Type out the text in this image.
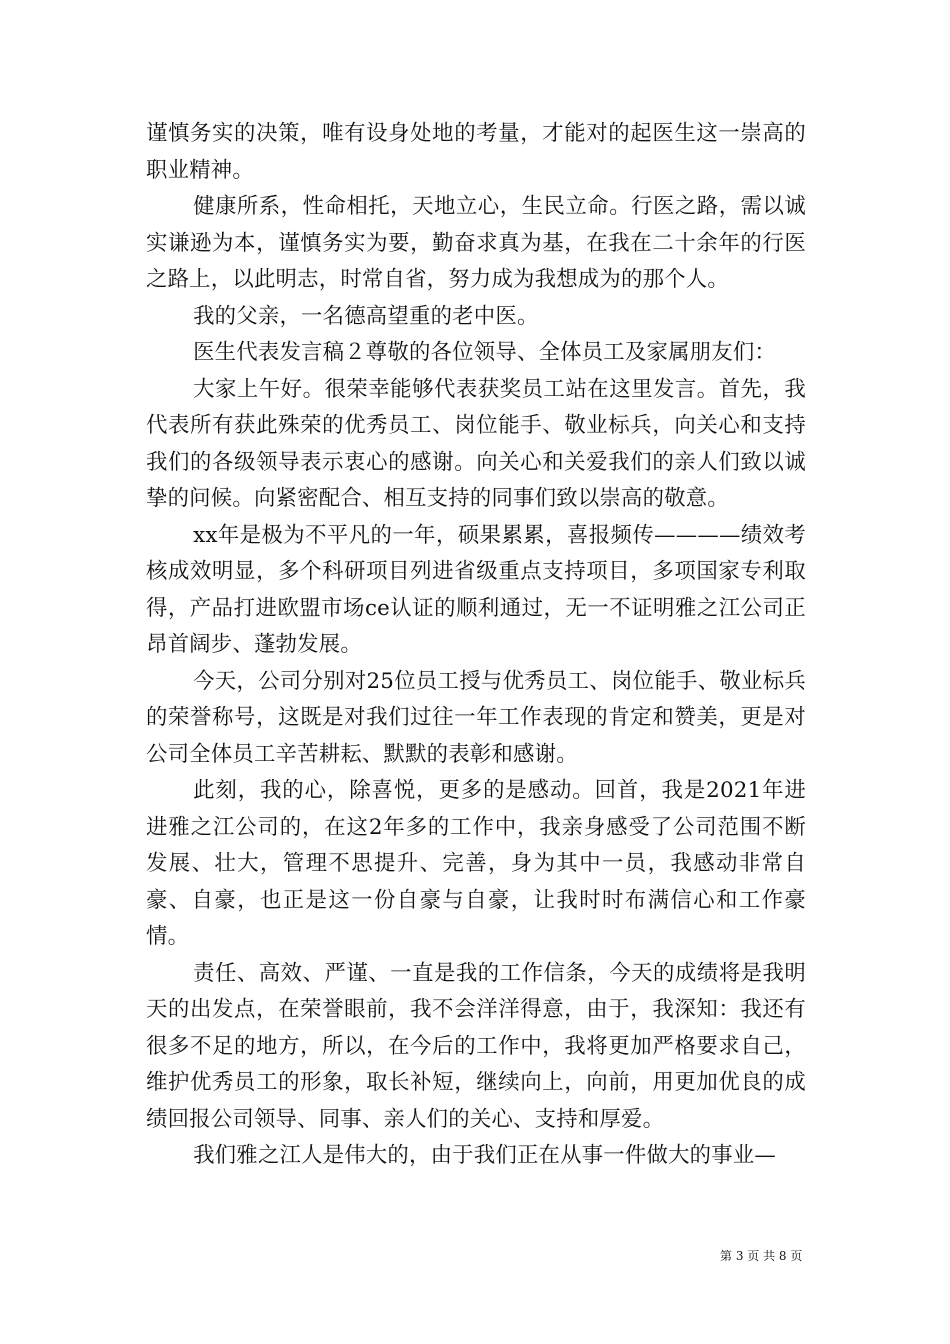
谨慎务实的决策，唯有设身处地的考量，才能对的起医生这一崇高的职业精神。

健康所系，性命相托，天地立心，生民立命。行医之路，需以诚实谦逊为本，谨慎务实为要，勤奋求真为基，在我在二十余年的行医之路上，以此明志，时常自省，努力成为我想成为的那个人。

我的父亲，一名德高望重的老中医。

医生代表发言稿２尊敬的各位领导、全体员工及家属朋友们：

大家上午好。很荣幸能够代表获奖员工站在这里发言。首先，我代表所有获此殊荣的优秀员工、岗位能手、敬业标兵，向关心和支持我们的各级领导表示衷心的感谢。向关心和关爱我们的亲人们致以诚挚的问候。向紧密配合、相互支持的同事们致以崇高的敬意。

xx年是极为不平凡的一年，硕果累累，喜报频传————绩效考核成效明显，多个科研项目列进省级重点支持项目，多项国家专利取得，产品打进欧盟市场ce认证的顺利通过，无一不证明雅之江公司正昂首阔步、蓬勃发展。

今天，公司分别对25位员工授与优秀员工、岗位能手、敬业标兵的荣誉称号，这既是对我们过往一年工作表现的肯定和赞美，更是对公司全体员工辛苦耕耘、默默的表彰和感谢。

此刻，我的心，除喜悦，更多的是感动。回首，我是2021年进进雅之江公司的，在这2年多的工作中，我亲身感受了公司范围不断发展、壮大，管理不思提升、完善，身为其中一员，我感动非常自豪、自豪，也正是这一份自豪与自豪，让我时时布满信心和工作豪情。

责任、高效、严谨、一直是我的工作信条，今天的成绩将是我明天的出发点，在荣誉眼前，我不会洋洋得意，由于，我深知：我还有很多不足的地方，所以，在今后的工作中，我将更加严格要求自己，维护优秀员工的形象，取长补短，继续向上，向前，用更加优良的成绩回报公司领导、同事、亲人们的关心、支持和厚爱。

我们雅之江人是伟大的，由于我们正在从事一件做大的事业—

第 3 页 共 8 页
